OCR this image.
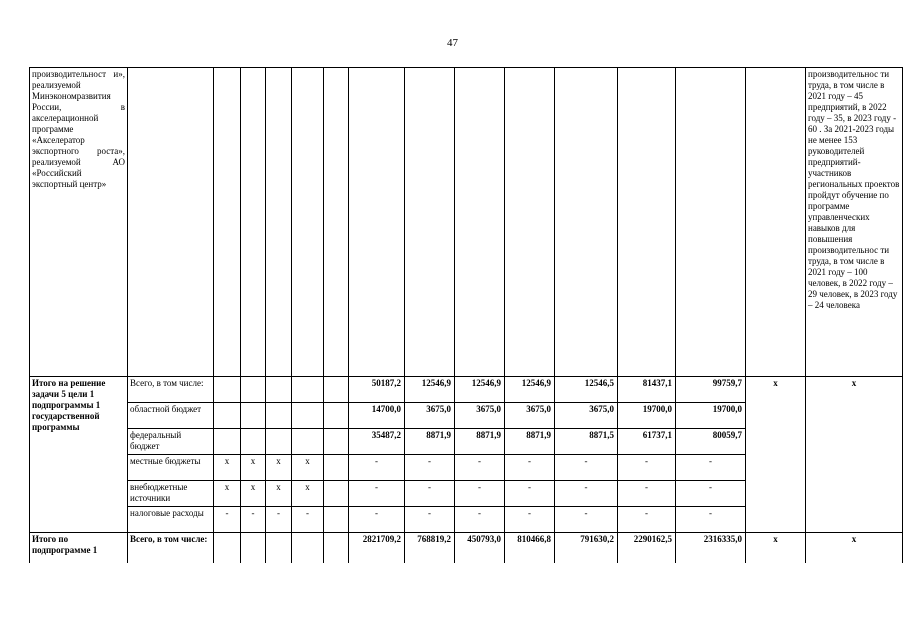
47
производительност и», реализуемой Минэкономразвития России, в акселерационной программе «Акселератор экспортного роста», реализуемой АО «Российский экспортный центр»															производительнос ти труда, в том числе в 2021 году – 45 предприятий, в 2022 году – 35, в 2023 году - 60 . За 2021-2023 годы не менее 153 руководителей предприятий-участников региональных проектов пройдут обучение по программе управленческих навыков для повышения производительнос ти труда, в том числе в 2021 году – 100 человек, в 2022 году – 29 человек, в 2023 году – 24 человека
Итого на решение задачи 5 цели 1 подпрограммы 1 государственной программы	Всего, в том числе:						50187,2	12546,9	12546,9	12546,9	12546,5	81437,1	99759,7	х	х
	областной бюджет						14700,0	3675,0	3675,0	3675,0	3675,0	19700,0	19700,0		
	федеральный бюджет						35487,2	8871,9	8871,9	8871,9	8871,5	61737,1	80059,7		
	местные бюджеты	х	х	х	х		-	-	-	-	-	-	-		
	внебюджетные источники	х	х	х	х		-	-	-	-	-	-	-		
	налоговые расходы	-	-	-	-		-	-	-	-	-	-	-		
Итого по подпрограмме 1	Всего, в том числе:						2821709,2	768819,2	450793,0	810466,8	791630,2	2290162,5	2316335,0	х	х
